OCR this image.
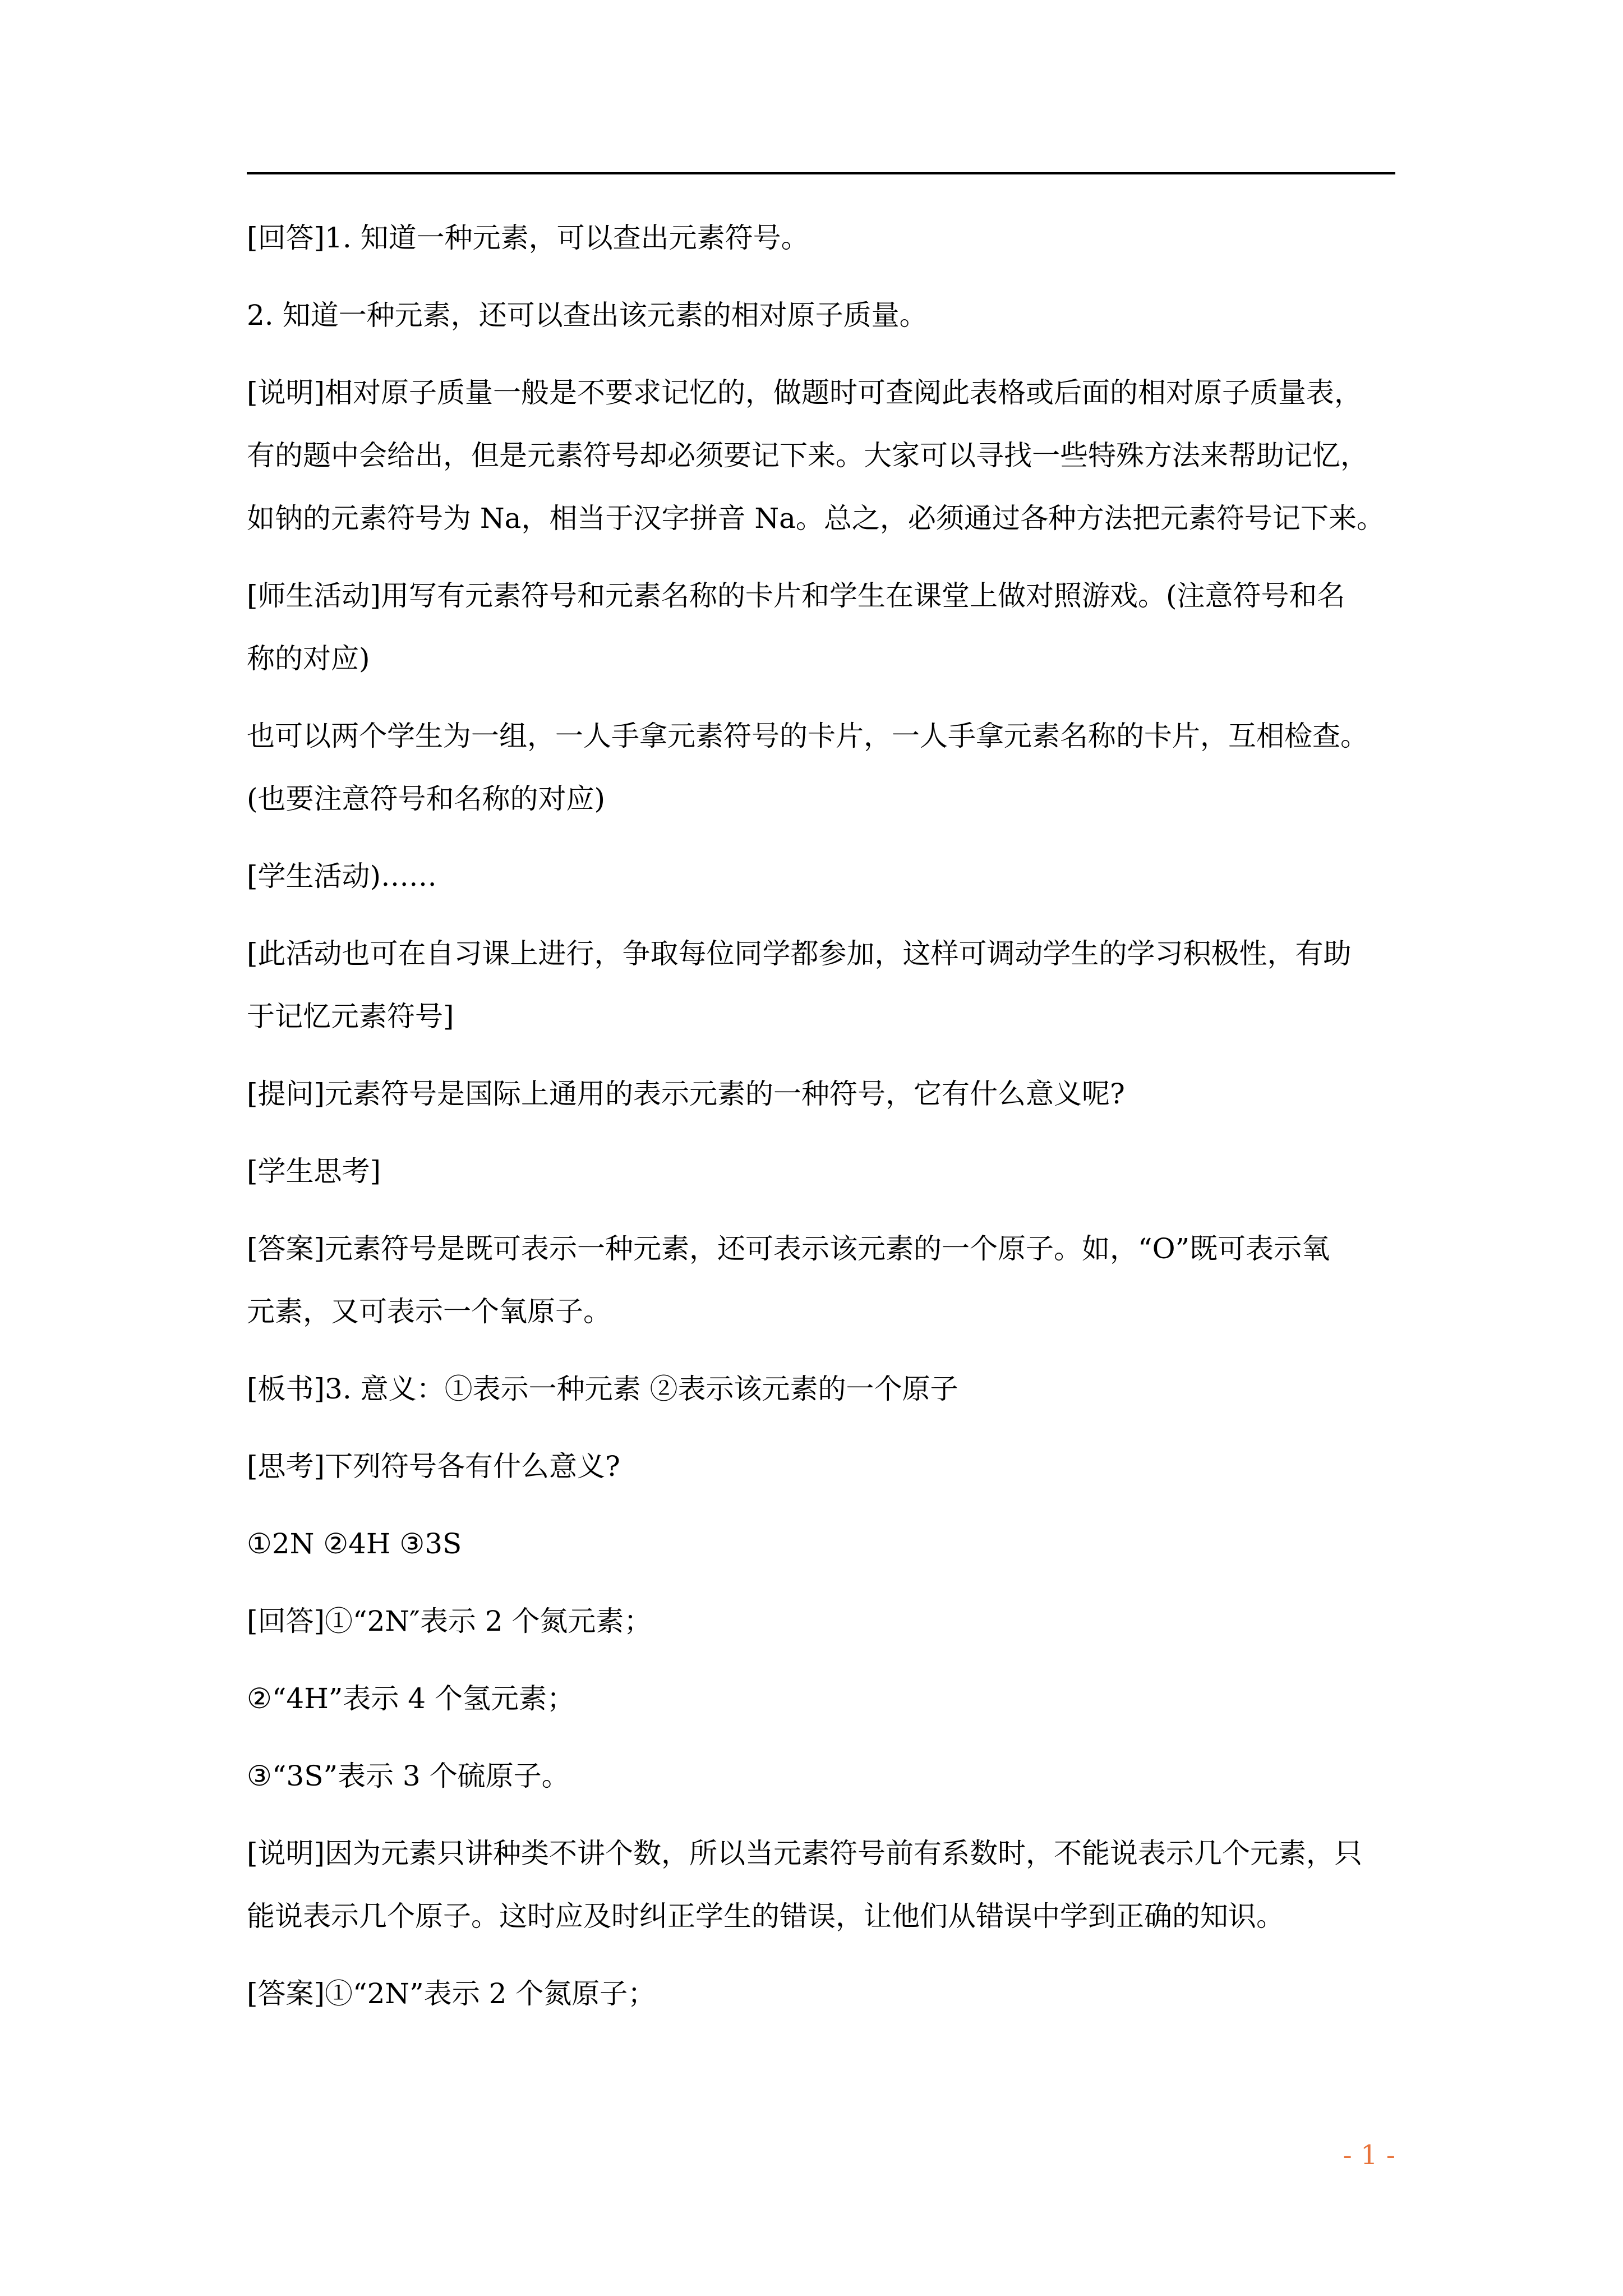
[回答]1. 知道一种元素，可以查出元素符号。
2. 知道一种元素，还可以查出该元素的相对原子质量。
[说明]相对原子质量一般是不要求记忆的，做题时可查阅此表格或后面的相对原子质量表，
有的题中会给出，但是元素符号却必须要记下来。大家可以寻找一些特殊方法来帮助记忆，
如钠的元素符号为 Na，相当于汉字拼音 Na。总之，必须通过各种方法把元素符号记下来。
[师生活动]用写有元素符号和元素名称的卡片和学生在课堂上做对照游戏。(注意符号和名
称的对应)
也可以两个学生为一组，一人手拿元素符号的卡片，一人手拿元素名称的卡片，互相检查。
(也要注意符号和名称的对应)
[学生活动)……
[此活动也可在自习课上进行，争取每位同学都参加，这样可调动学生的学习积极性，有助
于记忆元素符号]
[提问]元素符号是国际上通用的表示元素的一种符号，它有什么意义呢?
[学生思考]
[答案]元素符号是既可表示一种元素，还可表示该元素的一个原子。如，“O”既可表示氧
元素，又可表示一个氧原子。
[板书]3. 意义：①表示一种元素 ②表示该元素的一个原子
[思考]下列符号各有什么意义?
①2N ②4H ③3S
[回答]①“2N″表示 2 个氮元素；
②“4H”表示 4 个氢元素；
③“3S”表示 3 个硫原子。
[说明]因为元素只讲种类不讲个数，所以当元素符号前有系数时，不能说表示几个元素，只
能说表示几个原子。这时应及时纠正学生的错误，让他们从错误中学到正确的知识。
[答案]①“2N”表示 2 个氮原子；
- 1 -
